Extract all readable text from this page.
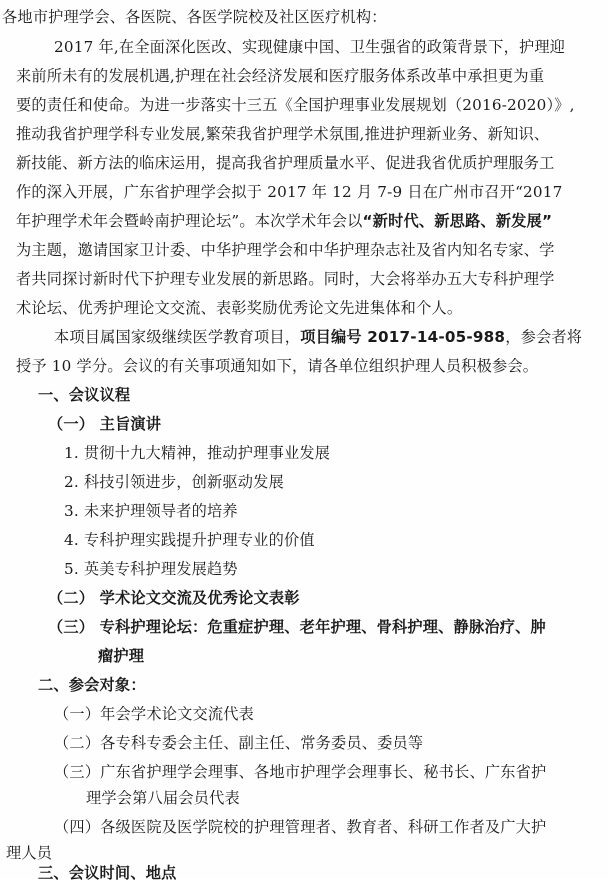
各地市护理学会、各医院、各医学院校及社区医疗机构：
2017 年,在全面深化医改、实现健康中国、卫生强省的政策背景下，护理迎
来前所未有的发展机遇,护理在社会经济发展和医疗服务体系改革中承担更为重
要的责任和使命。为进一步落实十三五《全国护理事业发展规划（2016-2020）》,
推动我省护理学科专业发展,繁荣我省护理学术氛围,推进护理新业务、新知识、
新技能、新方法的临床运用，提高我省护理质量水平、促进我省优质护理服务工
作的深入开展，广东省护理学会拟于 2017 年 12 月 7-9 日在广州市召开“2017
年护理学术年会暨岭南护理论坛”。本次学术年会以“新时代、新思路、新发展”
为主题，邀请国家卫计委、中华护理学会和中华护理杂志社及省内知名专家、学
者共同探讨新时代下护理专业发展的新思路。同时，大会将举办五大专科护理学
术论坛、优秀护理论文交流、表彰奖励优秀论文先进集体和个人。
本项目属国家级继续医学教育项目，项目编号 2017-14-05-988，参会者将
授予 10 学分。会议的有关事项通知如下，请各单位组织护理人员积极参会。
一、会议议程
（一） 主旨演讲
1. 贯彻十九大精神，推动护理事业发展
2. 科技引领进步，创新驱动发展
3. 未来护理领导者的培养
4. 专科护理实践提升护理专业的价值
5. 英美专科护理发展趋势
（二） 学术论文交流及优秀论文表彰
（三） 专科护理论坛：危重症护理、老年护理、骨科护理、静脉治疗、肿
瘤护理
二、参会对象：
（一）年会学术论文交流代表
（二）各专科专委会主任、副主任、常务委员、委员等
（三）广东省护理学会理事、各地市护理学会理事长、秘书长、广东省护
理学会第八届会员代表
（四）各级医院及医学院校的护理管理者、教育者、科研工作者及广大护
理人员
三、会议时间、地点
